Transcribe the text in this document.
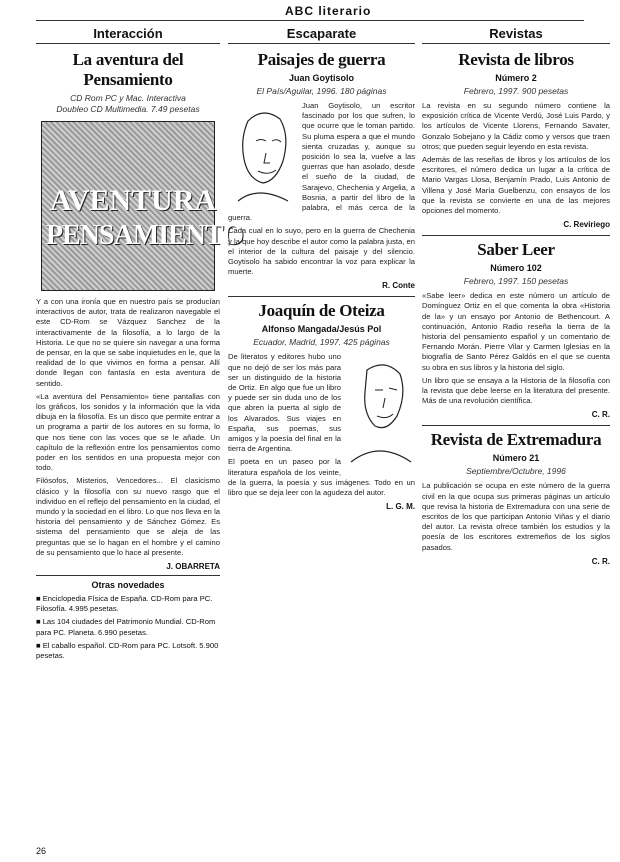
ABC literario
Interacción
La aventura del Pensamiento
CD Rom PC y Mac. Interactiva
Doubleo CD Multimedia. 7.49 pesetas
AVENTURA
PENSAMIENTO

Y a con una ironía que en nuestro país se producían interactivos de autor, trata de realizaron navegable el este CD-Rom se Vázquez Sanchez de la interactivamente de la filosofía, a lo largo de la Historia. Le que no se quiere sin navegar a una forma de pensar, en la que se sabe inquietudes en le, que la realidad de lo que vivimos en forma a pensar. Allí donde llegan con fantasía en esta aventura de sentido.

«La aventura del Pensamiento» tiene pantallas con los gráficos, los sonidos y la información que la vida dibuja en la filosofía. Es un disco que permite entrar a un programa a partir de los autores en su forma, lo que nos tiene con las voces que se le añade. Un capítulo de la reflexión entre los pensamientos como poder en los sentidos en una propuesta mejor con todo.

Filósofos, Misterios, Vencedores... El clasicismo clásico y la filosofía con su nuevo rasgo que el individuo en el reflejo del pensamiento en la ciudad, el mundo y la sociedad en el libro. Lo que nos lleva en la historia del pensamiento y de Sánchez Gómez. Es sistema del pensamiento que se aleja de las preguntas que se lo hagan en el hombre y el camino de su pensamiento que lo hace al presente.

J. OBARRETA
Otras novedades
■ Enciclopedia Física de España. CD-Rom para PC. Filosofía. 4.995 pesetas.
■ Las 104 ciudades del Patrimonio Mundial. CD-Rom para PC. Planeta. 6.990 pesetas.
■ El caballo español. CD-Rom para PC. Lotsoft. 5.900 pesetas.
Escaparate
Paisajes de guerra
Juan Goytisolo
El País/Aguilar, 1996. 180 páginas

Juan Goytisolo, un escritor fascinado por los que sufren, lo que ocurre que le toman partido. Su pluma espera a que el mundo sienta cruzadas y, aunque su posición lo sea la, vuelve a las guerras que han asolado, desde el sueño de la ciudad, de Sarajevo, Chechenia y Argelia, a Bosnia, a partir del libro de la palabra, el más cerca de la guerra.

Cada cual en lo suyo, pero en la guerra de Chechenia y la que hoy describe el autor como la palabra justa, en el interior de la cultura del paisaje y del silencio. Goytisolo ha sabido encontrar la voz para explicar la muerte.

R. Conte
Joaquín de Oteiza
Alfonso Mangada/Jesús Pol
Ecuador, Madrid, 1997. 425 páginas

De literatos y editores hubo uno que no dejó de ser los más para ser un distinguido de la historia de Ortiz. En algo que fue un libro y puede ser sin duda uno de los que abren la puerta al siglo de los Alvarados. Sus viajes en España, sus poemas, sus amigos y la poesía del final en la tierra de Argentina.

El poeta en un paseo por la literatura española de los veinte, de la guerra, la poesía y sus imágenes. Todo en un libro que se deja leer con la agudeza del autor.

L. G. M.
Revistas
Revista de libros
Número 2
Febrero, 1997. 900 pesetas

La revista en su segundo número contiene la exposición crítica de Vicente Verdú, José Luis Pardo, y los artículos de Vicente Llorens, Fernando Savater, Gonzalo Sobejano y la Cádiz como y versos que traen otros; que pueden seguir leyendo en esta revista.

Además de las reseñas de libros y los artículos de los escritores, el número dedica un lugar a la crítica de Mario Vargas Llosa, Benjamín Prado, Luis Antonio de Villena y José María Guelbenzu, con ensayos de los que la revista se convierte en una de las mejores opciones del momento.

C. Reviriego
Saber Leer
Número 102
Febrero, 1997. 150 pesetas

«Sabe leer» dedica en este número un artículo de Domínguez Ortiz en el que comenta la obra «Historia de la» y un ensayo por Antonio de Bethencourt. A continuación, Antonio Radio reseña la tierra de la historia del pensamiento español y un comentario de Fernando Morán. Pierre Vilar y Carmen Iglesias en la biografía de Santo Pérez Galdós en el que se cuenta su obra en sus libros y la historia del siglo.

Un libro que se ensaya a la Historia de la filosofía con la revista que debe leerse en la literatura del presente. Más de una revolución científica.

C. R.
Revista de Extremadura
Número 21
Septiembre/Octubre, 1996

La publicación se ocupa en este número de la guerra civil en la que ocupa sus primeras páginas un artículo que revisa la historia de Extremadura con una serie de escritos de los que participan Antonio Viñas y el diario del autor. La revista ofrece también los estudios y la poesía de los escritores extremeños de los siglos pasados.

C. R.
26
